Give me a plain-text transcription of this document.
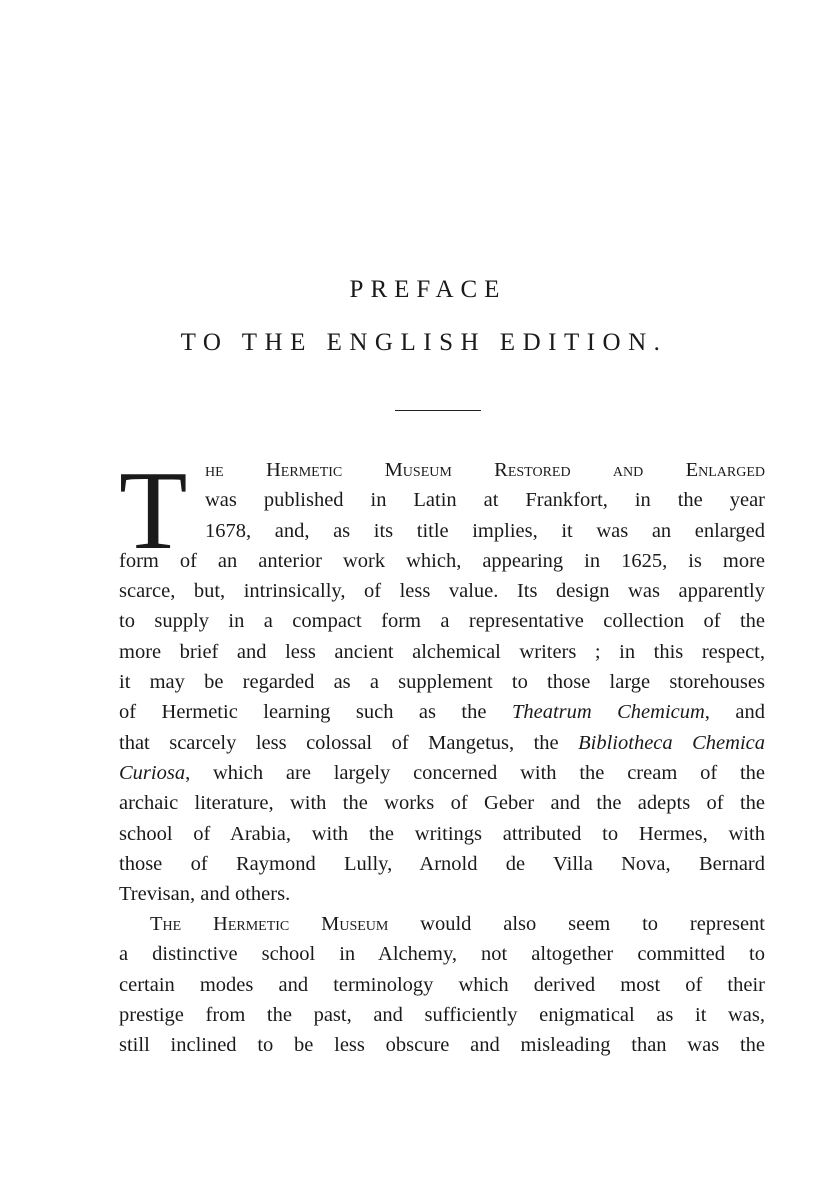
PREFACE
TO THE ENGLISH EDITION.
T he Hermetic Museum Restored and Enlarged
was published in Latin at Frankfort, in the year
1678, and, as its title implies, it was an enlarged
form of an anterior work which, appearing in 1625, is more
scarce, but, intrinsically, of less value. Its design was apparently
to supply in a compact form a representative collection of the
more brief and less ancient alchemical writers ; in this respect,
it may be regarded as a supplement to those large storehouses
of Hermetic learning such as the Theatrum Chemicum, and
that scarcely less colossal of Mangetus, the Bibliotheca Chemica
Curiosa, which are largely concerned with the cream of the
archaic literature, with the works of Geber and the adepts of the
school of Arabia, with the writings attributed to Hermes, with
those of Raymond Lully, Arnold de Villa Nova, Bernard
Trevisan, and others.
The Hermetic Museum would also seem to represent
a distinctive school in Alchemy, not altogether committed to
certain modes and terminology which derived most of their
prestige from the past, and sufficiently enigmatical as it was,
still inclined to be less obscure and misleading than was the
